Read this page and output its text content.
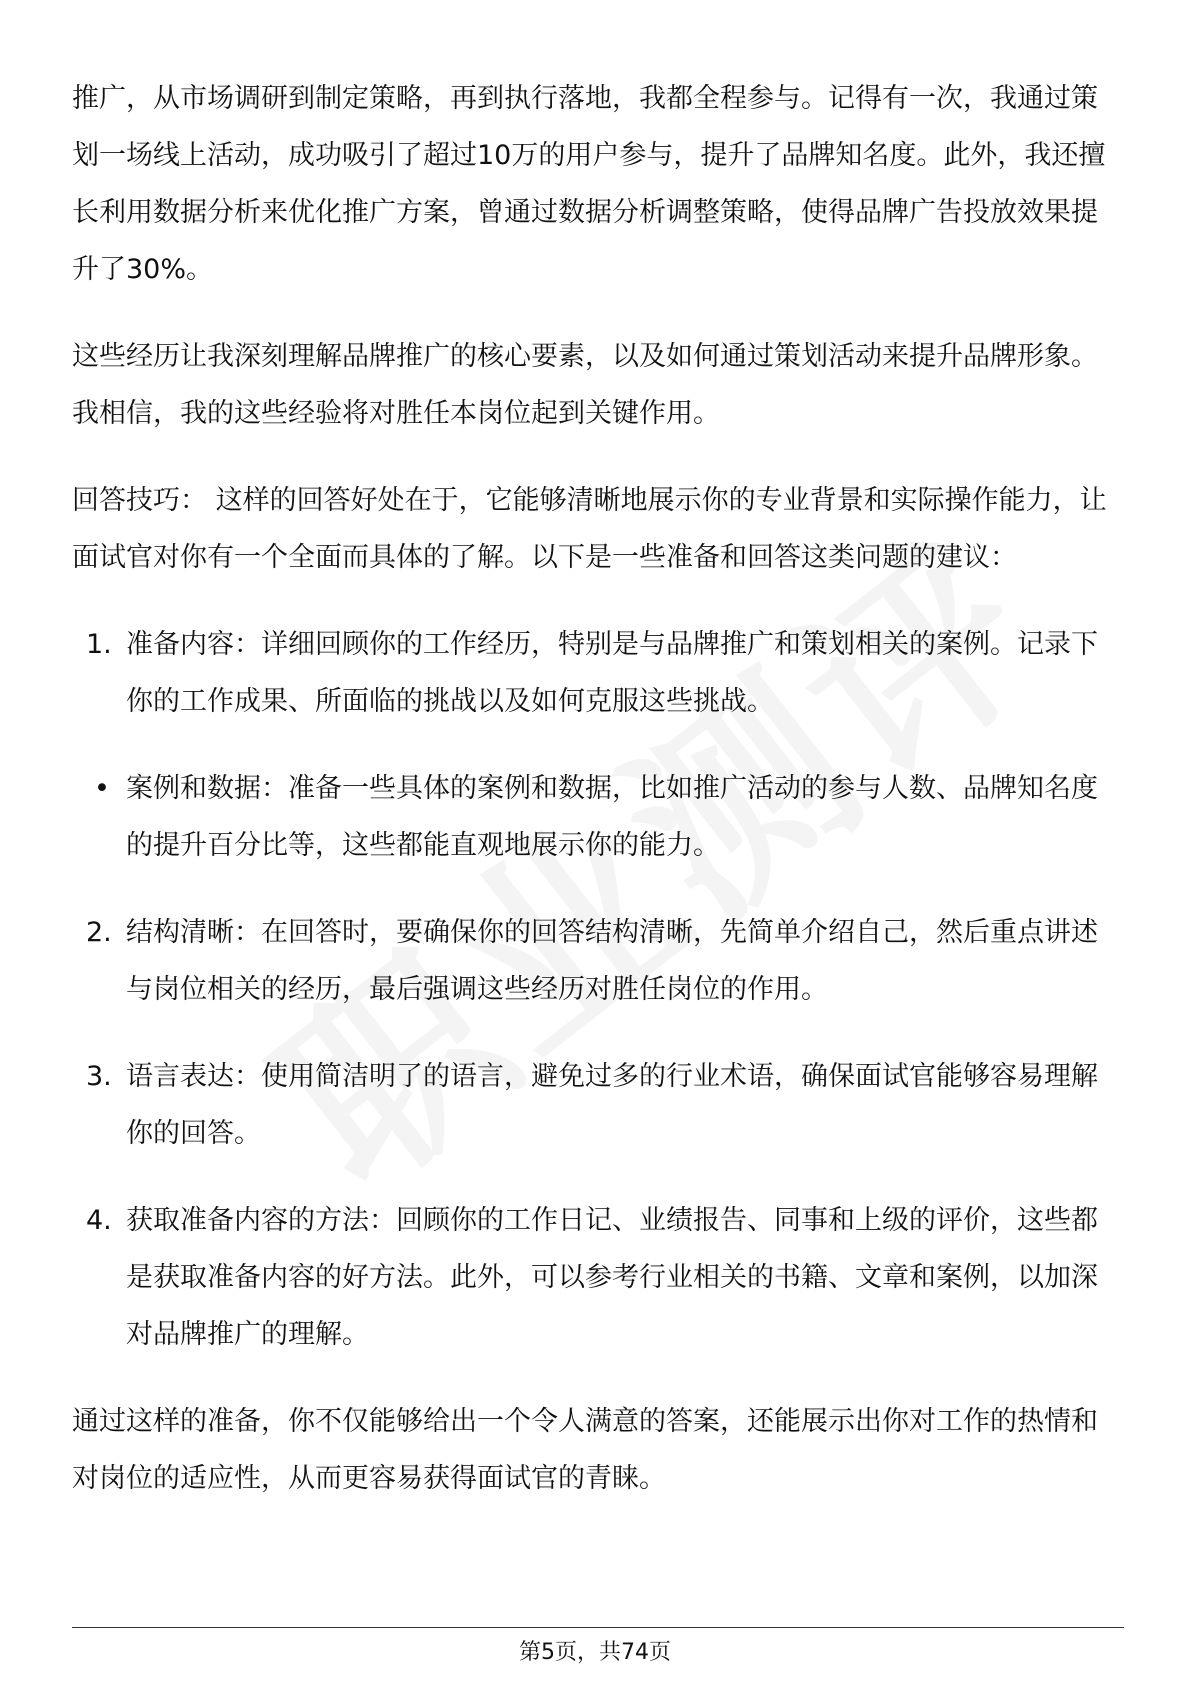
推广，从市场调研到制定策略，再到执行落地，我都全程参与。记得有一次，我通过策划一场线上活动，成功吸引了超过10万的用户参与，提升了品牌知名度。此外，我还擅长利用数据分析来优化推广方案，曾通过数据分析调整策略，使得品牌广告投放效果提升了30%。

这些经历让我深刻理解品牌推广的核心要素，以及如何通过策划活动来提升品牌形象。我相信，我的这些经验将对胜任本岗位起到关键作用。

回答技巧： 这样的回答好处在于，它能够清晰地展示你的专业背景和实际操作能力，让面试官对你有一个全面而具体的了解。以下是一些准备和回答这类问题的建议：

1. 准备内容：详细回顾你的工作经历，特别是与品牌推广和策划相关的案例。记录下你的工作成果、所面临的挑战以及如何克服这些挑战。
• 案例和数据：准备一些具体的案例和数据，比如推广活动的参与人数、品牌知名度的提升百分比等，这些都能直观地展示你的能力。
2. 结构清晰：在回答时，要确保你的回答结构清晰，先简单介绍自己，然后重点讲述与岗位相关的经历，最后强调这些经历对胜任岗位的作用。
3. 语言表达：使用简洁明了的语言，避免过多的行业术语，确保面试官能够容易理解你的回答。
4. 获取准备内容的方法：回顾你的工作日记、业绩报告、同事和上级的评价，这些都是获取准备内容的好方法。此外，可以参考行业相关的书籍、文章和案例，以加深对品牌推广的理解。

通过这样的准备，你不仅能够给出一个令人满意的答案，还能展示出你对工作的热情和对岗位的适应性，从而更容易获得面试官的青睐。

第5页，共74页
